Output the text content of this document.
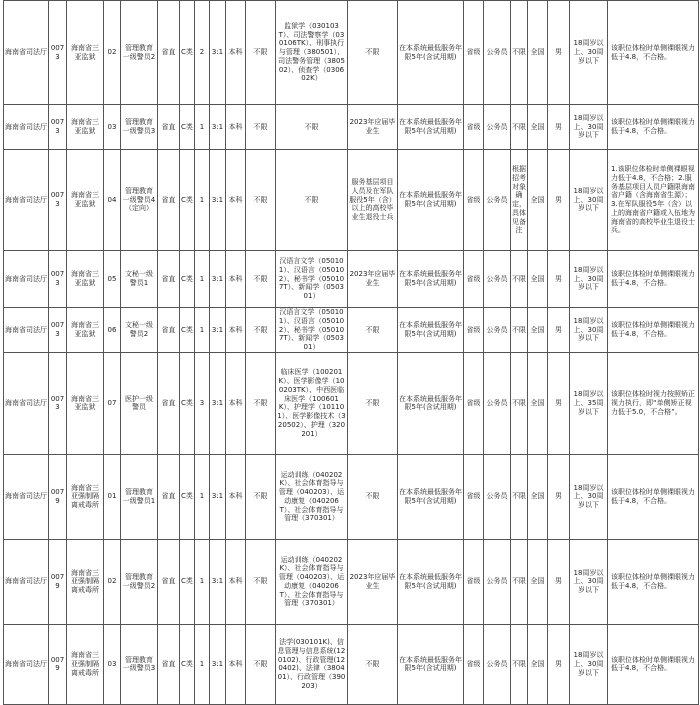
海南省司法厅	0073	海南省三亚监狱	02	管理教育一级警员2	省直	C类	2	3:1	本科	不限	监狱学（030103T）、司法警察学（030106TK）、刑事执行与管理（380501）、司法警务管理（380502）、侦查学（030602K）	不限	在本系统最低服务年限5年(含试用期)	省级	公务员	不限	全国	男	18周岁以上、30周岁以下	该职位体检时单侧裸眼视力低于4.8，不合格。
海南省司法厅	0073	海南省三亚监狱	03	管理教育一级警员3	省直	C类	1	3:1	本科	不限	不限	2023年应届毕业生	在本系统最低服务年限5年(含试用期)	省级	公务员	不限	全国	男	18周岁以上、30周岁以下	该职位体检时单侧裸眼视力低于4.8，不合格。
海南省司法厅	0073	海南省三亚监狱	04	管理教育一级警员4（定向）	省直	C类	1	3:1	本科	不限	不限	服务基层项目人员及在军队服役5年（含）以上的高校毕业生退役士兵	在本系统最低服务年限5年(含试用期)	省级	公务员	根据招考对象确定，具体见备注	全国	男	18周岁以上、30周岁以下	1.该职位体检时单侧裸眼视力低于4.8，不合格；2.服务基层项目人员户籍限海南省户籍（含海南省生源）；3.在军队服役5年（含）以上的海南省户籍或入伍地为海南省的高校毕业生退役士兵。
海南省司法厅	0073	海南省三亚监狱	05	文秘一级警员1	省直	C类	1	3:1	本科	不限	汉语言文学（050101）、汉语言（050102）、秘书学（050107T）、新闻学（050301）	2023年应届毕业生	在本系统最低服务年限5年(含试用期)	省级	公务员	不限	全国	男	18周岁以上、30周岁以下	该职位体检时单侧裸眼视力低于4.8，不合格。
海南省司法厅	0073	海南省三亚监狱	06	文秘一级警员2	省直	C类	1	3:1	本科	不限	汉语言文学（050101）、汉语言（050102）、秘书学（050107T）、新闻学（050301）	不限	在本系统最低服务年限5年(含试用期)	省级	公务员	不限	全国	男	18周岁以上、30周岁以下	该职位体检时单侧裸眼视力低于4.8，不合格。
海南省司法厅	0073	海南省三亚监狱	07	医护一级警员	省直	C类	3	3:1	本科	不限	临床医学（100201K）、医学影像学（100203TK）、中西医临床医学（100601K）、护理学（101101）、医学影像技术（320502）、护理（320201）	不限	在本系统最低服务年限5年(含试用期)	省级	公务员	不限	全国	男	18周岁以上、35周岁以下	该职位体检时视力按照矫正视力执行，即“单侧矫正视力低于5.0，不合格”。
海南省司法厅	0079	海南省三亚强制隔离戒毒所	01	管理教育一级警员1	省直	C类	1	3:1	本科	不限	运动训练（040202K）、社会体育指导与管理（040203）、运动康复（040206T）、社会体育指导与管理（370301）	不限	在本系统最低服务年限5年(含试用期)	省级	公务员	不限	全国	男	18周岁以上、30周岁以下	该职位体检时单侧裸眼视力低于4.8，不合格。
海南省司法厅	0079	海南省三亚强制隔离戒毒所	02	管理教育一级警员2	省直	C类	1	3:1	本科	不限	运动训练（040202K）、社会体育指导与管理（040203）、运动康复（040206T）、社会体育指导与管理（370301）	2023年应届毕业生	在本系统最低服务年限5年(含试用期)	省级	公务员	不限	全国	男	18周岁以上、30周岁以下	该职位体检时单侧裸眼视力低于4.8，不合格。
海南省司法厅	0079	海南省三亚强制隔离戒毒所	03	管理教育一级警员3	省直	C类	1	3:1	本科	不限	法学(030101K)、信息管理与信息系统(120102)、行政管理(120402)、法律（380401）、行政管理（390203）	不限	在本系统最低服务年限5年(含试用期)	省级	公务员	不限	全国	男	18周岁以上、30周岁以下	该职位体检时单侧裸眼视力低于4.8，不合格。
